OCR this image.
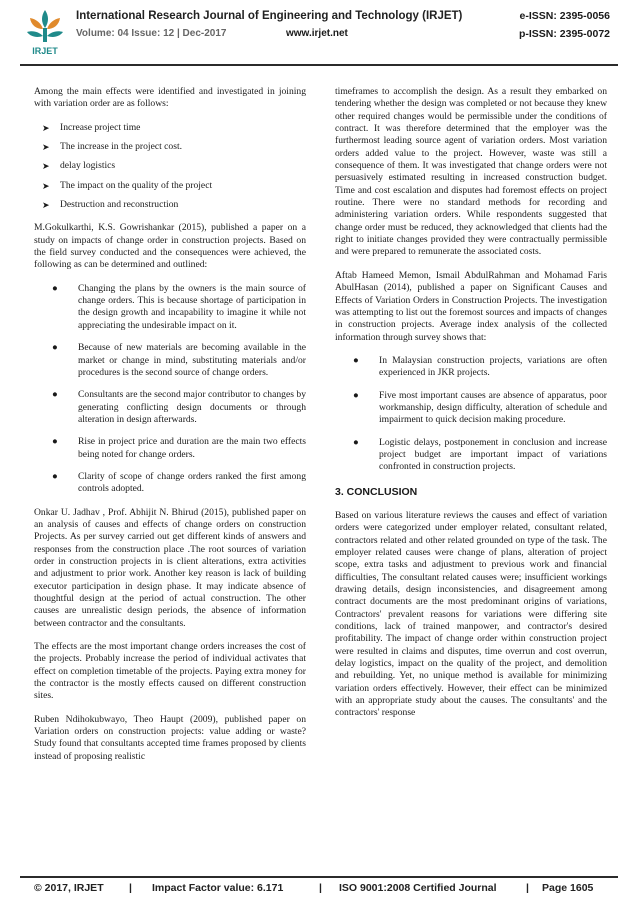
IRJET
International Research Journal of Engineering and Technology (IRJET)	e-ISSN: 2395-0056
Volume: 04 Issue: 12 | Dec-2017	www.irjet.net	p-ISSN: 2395-0072

Among the main effects were identified and investigated in joining with variation order are as follows:

➤ Increase project time
➤ The increase in the project cost.
➤ delay logistics
➤ The impact on the quality of the project
➤ Destruction and reconstruction

M.Gokulkarthi, K.S. Gowrishankar (2015), published a paper on a study on impacts of change order in construction projects. Based on the field survey conducted and the consequences were achieved, the following as can be determined and outlined:

● Changing the plans by the owners is the main source of change orders. This is because shortage of participation in the design growth and incapability to imagine it while not appreciating the undesirable impact on it.
● Because of new materials are becoming available in the market or change in mind, substituting materials and/or procedures is the second source of change orders.
● Consultants are the second major contributor to changes by generating conflicting design documents or through alteration in design afterwards.
● Rise in project price and duration are the main two effects being noted for change orders.
● Clarity of scope of change orders ranked the first among controls adopted.

Onkar U. Jadhav , Prof. Abhijit N. Bhirud (2015), published paper on an analysis of causes and effects of change orders on construction Projects. As per survey carried out get different kinds of answers and responses from the construction place .The root sources of variation order in construction projects in is client alterations, extra activities and adjustment to prior work. Another key reason is lack of building executor participation in design phase. It may indicate absence of thoughtful design at the period of actual construction. The other causes are unrealistic design periods, the absence of information between contractor and the consultants.

The effects are the most important change orders increases the cost of the projects. Probably increase the period of individual activates that effect on completion timetable of the projects. Paying extra money for the contractor is the mostly effects caused on different construction sites.

Ruben Ndihokubwayo, Theo Haupt (2009), published paper on Variation orders on construction projects: value adding or waste? Study found that consultants accepted time frames proposed by clients instead of proposing realistic

timeframes to accomplish the design. As a result they embarked on tendering whether the design was completed or not because they knew other required changes would be permissible under the conditions of contract. It was therefore determined that the employer was the furthermost leading source agent of variation orders. Most variation orders added value to the project. However, waste was still a consequence of them. It was investigated that change orders were not persuasively estimated resulting in increased construction budget. Time and cost escalation and disputes had foremost effects on project routine. There were no standard methods for recording and administering variation orders. While respondents suggested that change order must be reduced, they acknowledged that clients had the right to initiate changes provided they were contractually permissible and were prepared to remunerate the associated costs.

Aftab Hameed Memon, Ismail AbdulRahman and Mohamad Faris AbulHasan (2014), published a paper on Significant Causes and Effects of Variation Orders in Construction Projects. The investigation was attempting to list out the foremost sources and impacts of changes in construction projects. Average index analysis of the collected information through survey shows that:

● In Malaysian construction projects, variations are often experienced in JKR projects.
● Five most important causes are absence of apparatus, poor workmanship, design difficulty, alteration of schedule and impairment to quick decision making procedure.
● Logistic delays, postponement in conclusion and increase project budget are important impact of variations confronted in construction projects.
3. CONCLUSION

Based on various literature reviews the causes and effect of variation orders were categorized under employer related, consultant related, contractors related and other related grounded on type of the task. The employer related causes were change of plans, alteration of project scope, extra tasks and adjustment to previous work and financial difficulties, The consultant related causes were; insufficient workings drawing details, design inconsistencies, and disagreement among contract documents are the most predominant origins of variations, Contractors' prevalent reasons for variations were differing site conditions, lack of trained manpower, and contractor's desired profitability. The impact of change order within construction project were resulted in claims and disputes, time overrun and cost overrun, delay logistics, impact on the quality of the project, and demolition and rebuilding. Yet, no unique method is available for minimizing variation orders effectively. However, their effect can be minimized with an appropriate study about the causes. The consultants' and the contractors' response

© 2017, IRJET | Impact Factor value: 6.171	| ISO 9001:2008 Certified Journal	| Page 1605
